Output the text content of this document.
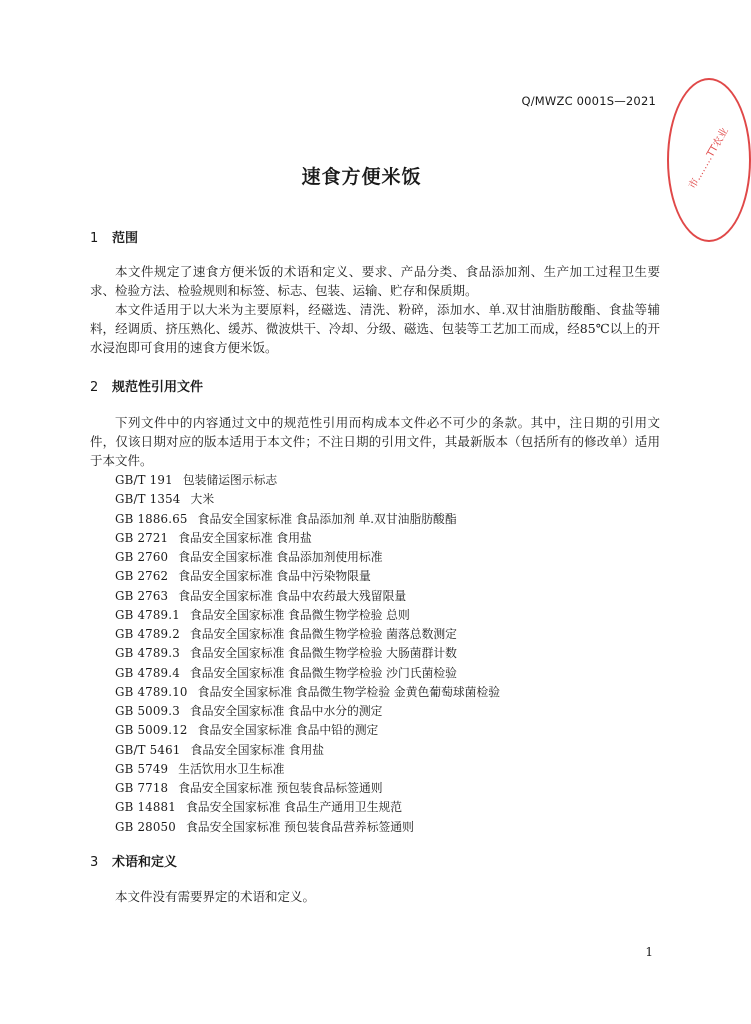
Q/MWZC 0001S—2021
市..……TT农业
速食方便米饭
1 范围

本文件规定了速食方便米饭的术语和定义、要求、产品分类、食品添加剂、生产加工过程卫生要求、检验方法、检验规则和标签、标志、包装、运输、贮存和保质期。

本文件适用于以大米为主要原料，经磁选、清洗、粉碎，添加水、单.双甘油脂肪酸酯、食盐等辅料，经调质、挤压熟化、缓苏、微波烘干、冷却、分级、磁选、包装等工艺加工而成，经85℃以上的开水浸泡即可食用的速食方便米饭。

2 规范性引用文件

下列文件中的内容通过文中的规范性引用而构成本文件必不可少的条款。其中，注日期的引用文件，仅该日期对应的版本适用于本文件；不注日期的引用文件，其最新版本（包括所有的修改单）适用于本文件。

GB/T 191 包装储运图示标志
GB/T 1354 大米
GB 1886.65 食品安全国家标准 食品添加剂 单.双甘油脂肪酸酯
GB 2721 食品安全国家标准 食用盐
GB 2760 食品安全国家标准 食品添加剂使用标准
GB 2762 食品安全国家标准 食品中污染物限量
GB 2763 食品安全国家标准 食品中农药最大残留限量
GB 4789.1 食品安全国家标准 食品微生物学检验 总则
GB 4789.2 食品安全国家标准 食品微生物学检验 菌落总数测定
GB 4789.3 食品安全国家标准 食品微生物学检验 大肠菌群计数
GB 4789.4 食品安全国家标准 食品微生物学检验 沙门氏菌检验
GB 4789.10 食品安全国家标准 食品微生物学检验 金黄色葡萄球菌检验
GB 5009.3 食品安全国家标准 食品中水分的测定
GB 5009.12 食品安全国家标准 食品中铅的测定
GB/T 5461 食品安全国家标准 食用盐
GB 5749 生活饮用水卫生标准
GB 7718 食品安全国家标准 预包装食品标签通则
GB 14881 食品安全国家标准 食品生产通用卫生规范
GB 28050 食品安全国家标准 预包装食品营养标签通则
3 术语和定义

本文件没有需要界定的术语和定义。

1
